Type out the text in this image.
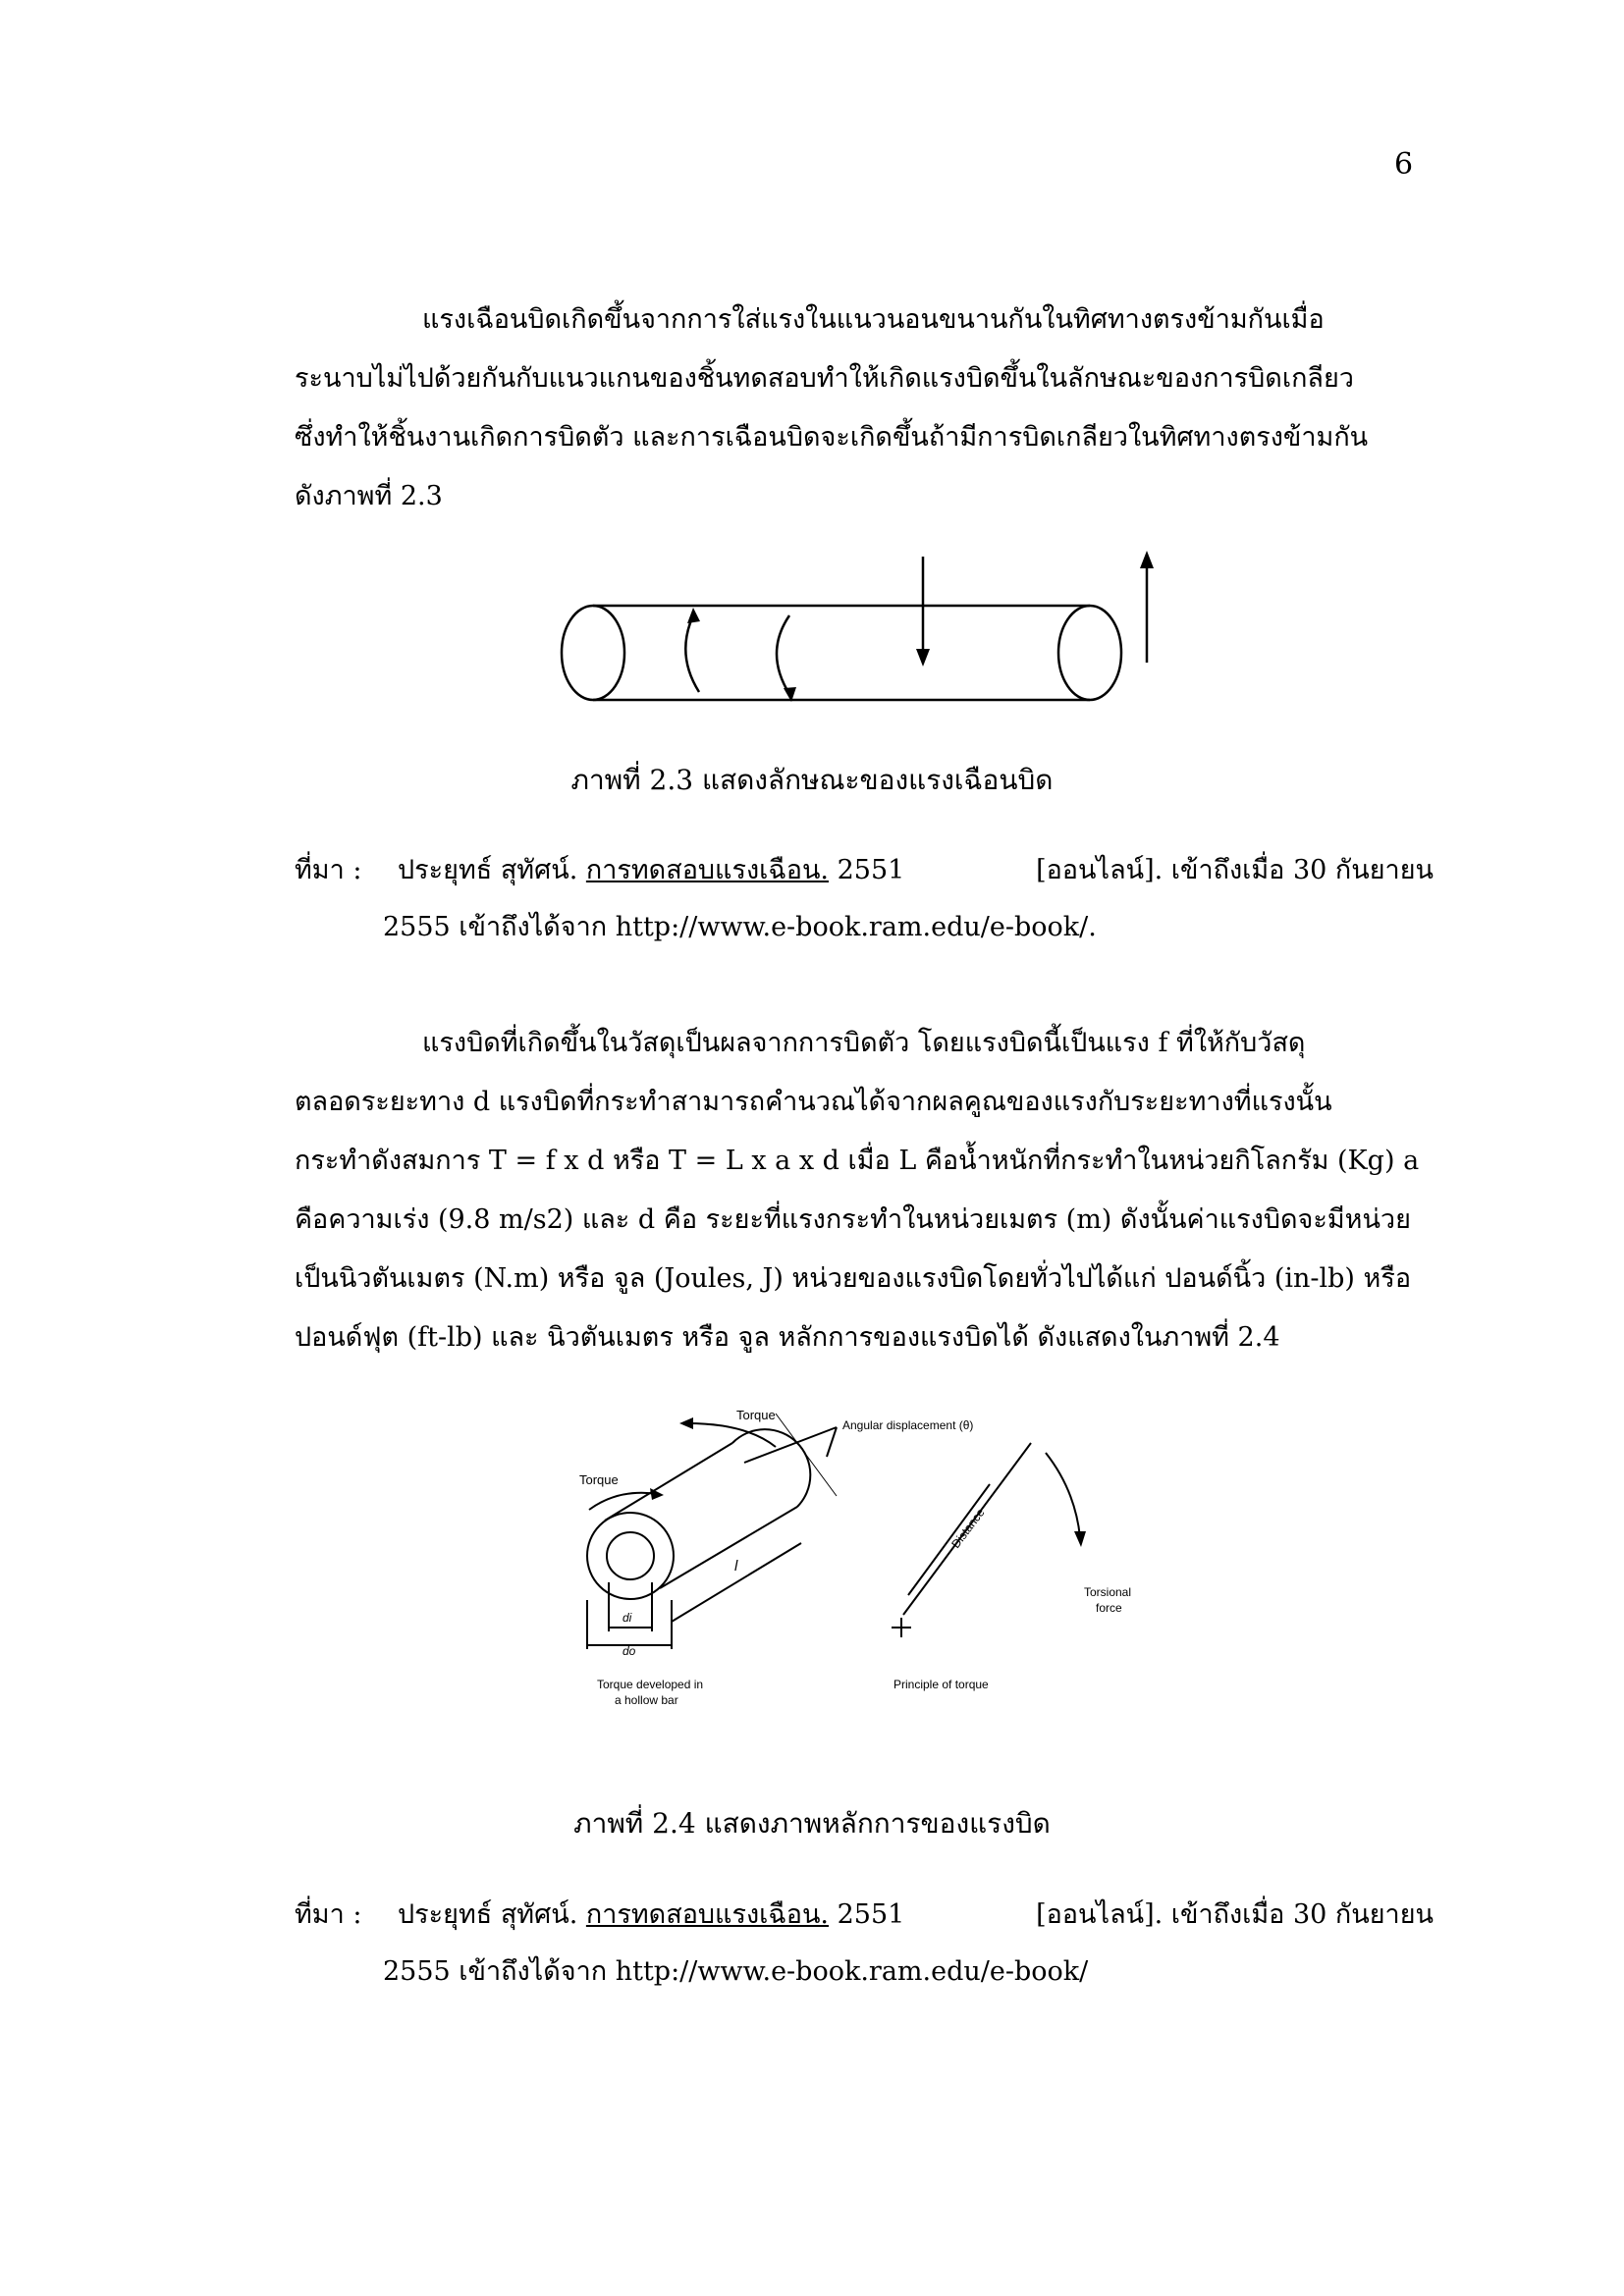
6
แรงเฉือนบิดเกิดขึ้นจากการใส่แรงในแนวนอนขนานกันในทิศทางตรงข้ามกันเมื่อ
ระนาบไม่ไปด้วยกันกับแนวแกนของชิ้นทดสอบทำให้เกิดแรงบิดขึ้นในลักษณะของการบิดเกลียว
ซึ่งทำให้ชิ้นงานเกิดการบิดตัว และการเฉือนบิดจะเกิดขึ้นถ้ามีการบิดเกลียวในทิศทางตรงข้ามกัน
ดังภาพที่ 2.3
ภาพที่ 2.3 แสดงลักษณะของแรงเฉือนบิด
ที่มา : ประยุทธ์ สุทัศน์. การทดสอบแรงเฉือน. 2551	[ออนไลน์]. เข้าถึงเมื่อ 30 กันยายน
2555 เข้าถึงได้จาก http://www.e-book.ram.edu/e-book/.
แรงบิดที่เกิดขึ้นในวัสดุเป็นผลจากการบิดตัว โดยแรงบิดนี้เป็นแรง f ที่ให้กับวัสดุ
ตลอดระยะทาง d แรงบิดที่กระทำสามารถคำนวณได้จากผลคูณของแรงกับระยะทางที่แรงนั้น
กระทำดังสมการ T = f x d หรือ T = L x a x d เมื่อ L คือน้ำหนักที่กระทำในหน่วยกิโลกรัม (Kg) a
คือความเร่ง (9.8 m/s2) และ d คือ ระยะที่แรงกระทำในหน่วยเมตร (m) ดังนั้นค่าแรงบิดจะมีหน่วย
เป็นนิวตันเมตร (N.m) หรือ จูล (Joules, J) หน่วยของแรงบิดโดยทั่วไปได้แก่ ปอนด์นิ้ว (in-lb) หรือ
ปอนด์ฟุต (ft-lb) และ นิวตันเมตร หรือ จูล หลักการของแรงบิดได้ ดังแสดงในภาพที่ 2.4
Torque
Torque
Angular displacement (θ)
l
di
do
Distance
Torsional
force
Torque developed in
a hollow bar
Principle of torque
ภาพที่ 2.4 แสดงภาพหลักการของแรงบิด
ที่มา : ประยุทธ์ สุทัศน์. การทดสอบแรงเฉือน. 2551	[ออนไลน์]. เข้าถึงเมื่อ 30 กันยายน
2555 เข้าถึงได้จาก http://www.e-book.ram.edu/e-book/
